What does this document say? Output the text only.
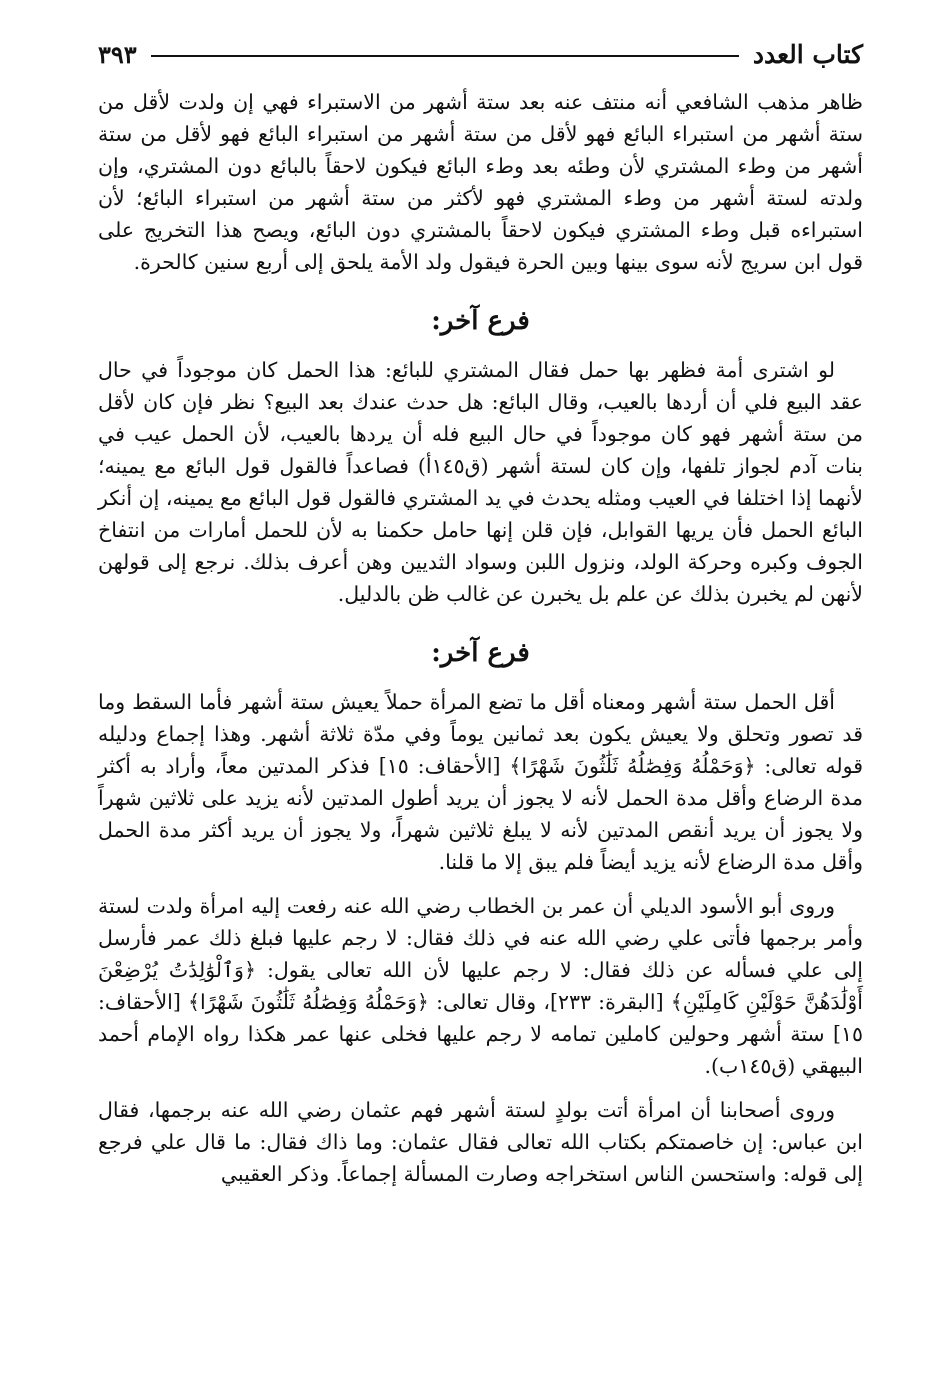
كتاب العدد
٣٩٣

ظاهر مذهب الشافعي أنه منتف عنه بعد ستة أشهر من الاستبراء فهي إن ولدت لأقل من ستة أشهر من استبراء البائع فهو لأقل من ستة أشهر من استبراء البائع فهو لأقل من ستة أشهر من وطء المشتري لأن وطئه بعد وطء البائع فيكون لاحقاً بالبائع دون المشتري، وإن ولدته لستة أشهر من وطء المشتري فهو لأكثر من ستة أشهر من استبراء البائع؛ لأن استبراءه قبل وطء المشتري فيكون لاحقاً بالمشتري دون البائع، ويصح هذا التخريج على قول ابن سريج لأنه سوى بينها وبين الحرة فيقول ولد الأمة يلحق إلى أربع سنين كالحرة.

فرع آخر:

لو اشترى أمة فظهر بها حمل فقال المشتري للبائع: هذا الحمل كان موجوداً في حال عقد البيع فلي أن أردها بالعيب، وقال البائع: هل حدث عندك بعد البيع؟ نظر فإن كان لأقل من ستة أشهر فهو كان موجوداً في حال البيع فله أن يردها بالعيب، لأن الحمل عيب في بنات آدم لجواز تلفها، وإن كان لستة أشهر (ق١٤٥أ) فصاعداً فالقول قول البائع مع يمينه؛ لأنهما إذا اختلفا في العيب ومثله يحدث في يد المشتري فالقول قول البائع مع يمينه، إن أنكر البائع الحمل فأن يريها القوابل، فإن قلن إنها حامل حكمنا به لأن للحمل أمارات من انتفاخ الجوف وكبره وحركة الولد، ونزول اللبن وسواد الثديين وهن أعرف بذلك. نرجع إلى قولهن لأنهن لم يخبرن بذلك عن علم بل يخبرن عن غالب ظن بالدليل.

فرع آخر:

أقل الحمل ستة أشهر ومعناه أقل ما تضع المرأة حملاً يعيش ستة أشهر فأما السقط وما قد تصور وتحلق ولا يعيش يكون بعد ثمانين يوماً وفي مدّة ثلاثة أشهر. وهذا إجماع ودليله قوله تعالى: ﴿وَحَمْلُهُ وَفِصَٰلُهُ ثَلَٰثُونَ شَهْرًا﴾ [الأحقاف: ١٥] فذكر المدتين معاً، وأراد به أكثر مدة الرضاع وأقل مدة الحمل لأنه لا يجوز أن يريد أطول المدتين لأنه يزيد على ثلاثين شهراً ولا يجوز أن يريد أنقص المدتين لأنه لا يبلغ ثلاثين شهراً، ولا يجوز أن يريد أكثر مدة الحمل وأقل مدة الرضاع لأنه يزيد أيضاً فلم يبق إلا ما قلنا.

وروى أبو الأسود الديلي أن عمر بن الخطاب رضي الله عنه رفعت إليه امرأة ولدت لستة وأمر برجمها فأتى علي رضي الله عنه في ذلك فقال: لا رجم عليها فبلغ ذلك عمر فأرسل إلى علي فسأله عن ذلك فقال: لا رجم عليها لأن الله تعالى يقول: ﴿وَٱلْوَٰلِدَٰتُ يُرْضِعْنَ أَوْلَٰدَهُنَّ حَوْلَيْنِ كَامِلَيْنِ﴾ [البقرة: ٢٣٣]، وقال تعالى: ﴿وَحَمْلُهُ وَفِصَٰلُهُ ثَلَٰثُونَ شَهْرًا﴾ [الأحقاف: ١٥] ستة أشهر وحولين كاملين تمامه لا رجم عليها فخلى عنها عمر هكذا رواه الإمام أحمد البيهقي (ق١٤٥ب).

وروى أصحابنا أن امرأة أتت بولدٍ لستة أشهر فهم عثمان رضي الله عنه برجمها، فقال ابن عباس: إن خاصمتكم بكتاب الله تعالى فقال عثمان: وما ذاك فقال: ما قال علي فرجع إلى قوله: واستحسن الناس استخراجه وصارت المسألة إجماعاً. وذكر العقيبي
